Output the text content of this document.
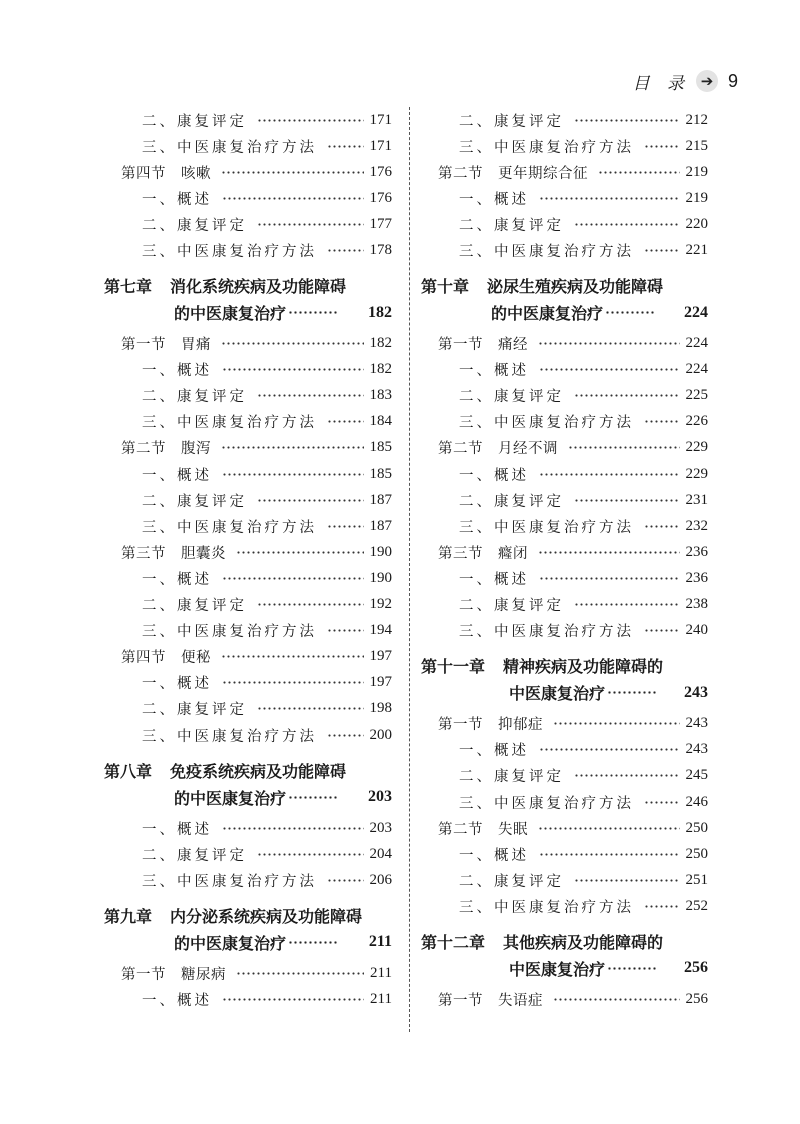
目 录 ➔ 9
二、康复评定	171
三、中医康复治疗方法	171
第四节　咳嗽	176
一、概述	176
二、康复评定	177
三、中医康复治疗方法	178
第七章 消化系统疾病及功能障碍
的中医康复治疗	182
第一节　胃痛	182
一、概述	182
二、康复评定	183
三、中医康复治疗方法	184
第二节　腹泻	185
一、概述	185
二、康复评定	187
三、中医康复治疗方法	187
第三节　胆囊炎	190
一、概述	190
二、康复评定	192
三、中医康复治疗方法	194
第四节　便秘	197
一、概述	197
二、康复评定	198
三、中医康复治疗方法	200
第八章 免疫系统疾病及功能障碍
的中医康复治疗	203
一、概述	203
二、康复评定	204
三、中医康复治疗方法	206
第九章 内分泌系统疾病及功能障碍
的中医康复治疗	211
第一节　糖尿病	211
一、概述	211
二、康复评定	212
三、中医康复治疗方法	215
第二节　更年期综合征	219
一、概述	219
二、康复评定	220
三、中医康复治疗方法	221
第十章 泌尿生殖疾病及功能障碍
的中医康复治疗	224
第一节　痛经	224
一、概述	224
二、康复评定	225
三、中医康复治疗方法	226
第二节　月经不调	229
一、概述	229
二、康复评定	231
三、中医康复治疗方法	232
第三节　癃闭	236
一、概述	236
二、康复评定	238
三、中医康复治疗方法	240
第十一章 精神疾病及功能障碍的
中医康复治疗	243
第一节　抑郁症	243
一、概述	243
二、康复评定	245
三、中医康复治疗方法	246
第二节　失眠	250
一、概述	250
二、康复评定	251
三、中医康复治疗方法	252
第十二章 其他疾病及功能障碍的
中医康复治疗	256
第一节　失语症	256
